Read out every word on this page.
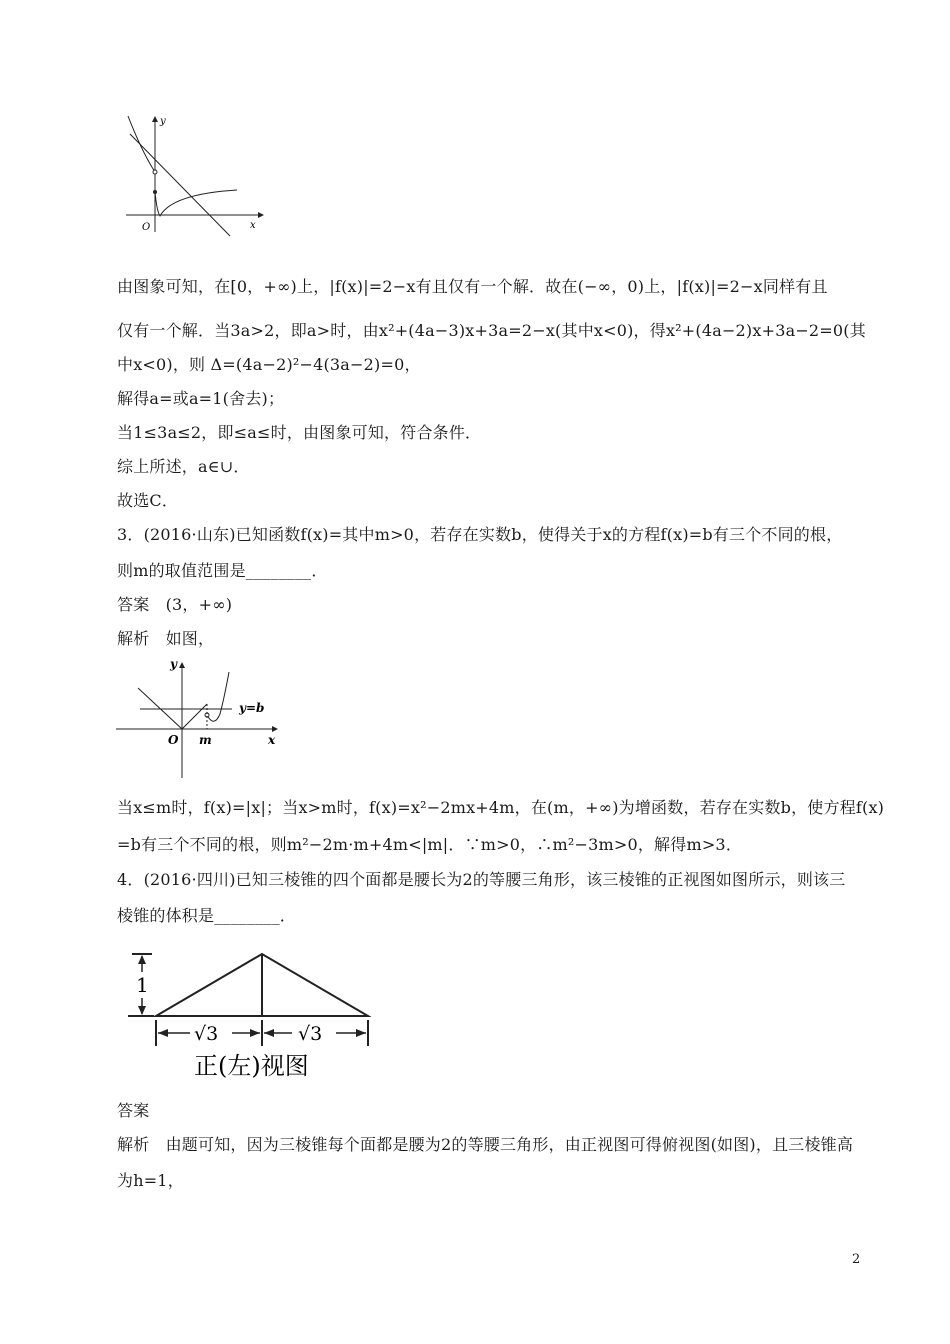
y
x
O
由图象可知，在[0，+∞)上，|f(x)|=2−x有且仅有一个解．故在(−∞，0)上，|f(x)|=2−x同样有且
仅有一个解．当3a>2，即a>时，由x²+(4a−3)x+3a=2−x(其中x<0)，得x²+(4a−2)x+3a−2=0(其
中x<0)，则 Δ=(4a−2)²−4(3a−2)=0，
解得a=或a=1(舍去)；
当1≤3a≤2，即≤a≤时，由图象可知，符合条件．
综上所述，a∈∪．
故选C．
3．(2016·山东)已知函数f(x)=其中m>0，若存在实数b，使得关于x的方程f(x)=b有三个不同的根，
则m的取值范围是________．
答案　(3，+∞)
解析　如图，
y
x
O m
y=b
当x≤m时，f(x)=|x|；当x>m时，f(x)=x²−2mx+4m，在(m，+∞)为增函数，若存在实数b，使方程f(x)
=b有三个不同的根，则m²−2m·m+4m<|m|．∵m>0，∴m²−3m>0，解得m>3．
4．(2016·四川)已知三棱锥的四个面都是腰长为2的等腰三角形，该三棱锥的正视图如图所示，则该三
棱锥的体积是________．
1
√3	√3
正(左)视图
答案
解析　由题可知，因为三棱锥每个面都是腰为2的等腰三角形，由正视图可得俯视图(如图)，且三棱锥高
为h=1，
2
